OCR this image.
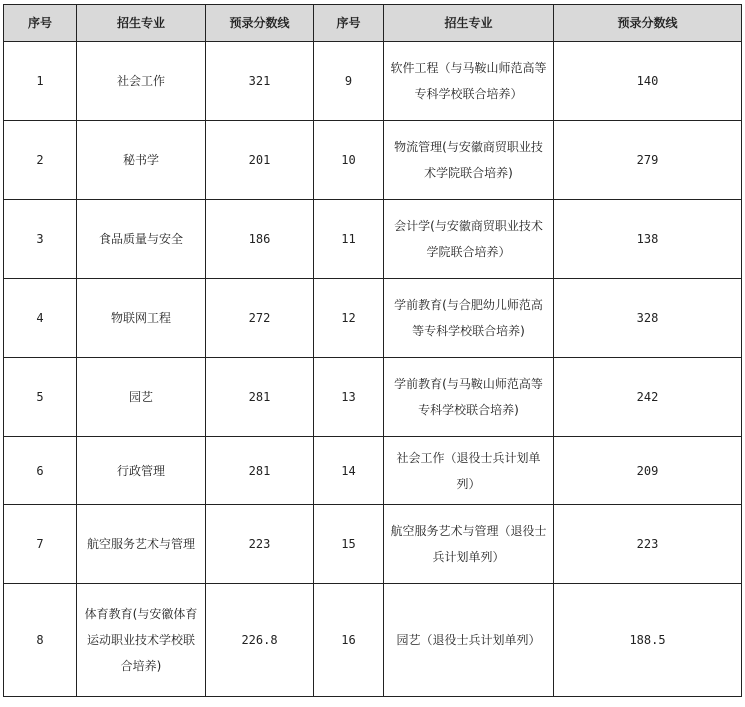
序号	招生专业	预录分数线	序号	招生专业	预录分数线
1	社会工作	321	9	软件工程（与马鞍山师范高等专科学校联合培养）	140
2	秘书学	201	10	物流管理(与安徽商贸职业技术学院联合培养)	279
3	食品质量与安全	186	11	会计学(与安徽商贸职业技术学院联合培养）	138
4	物联网工程	272	12	学前教育(与合肥幼儿师范高等专科学校联合培养)	328
5	园艺	281	13	学前教育(与马鞍山师范高等专科学校联合培养)	242
6	行政管理	281	14	社会工作（退役士兵计划单列）	209
7	航空服务艺术与管理	223	15	航空服务艺术与管理（退役士兵计划单列）	223
8	体育教育(与安徽体育运动职业技术学校联合培养)	226.8	16	园艺（退役士兵计划单列）	188.5
